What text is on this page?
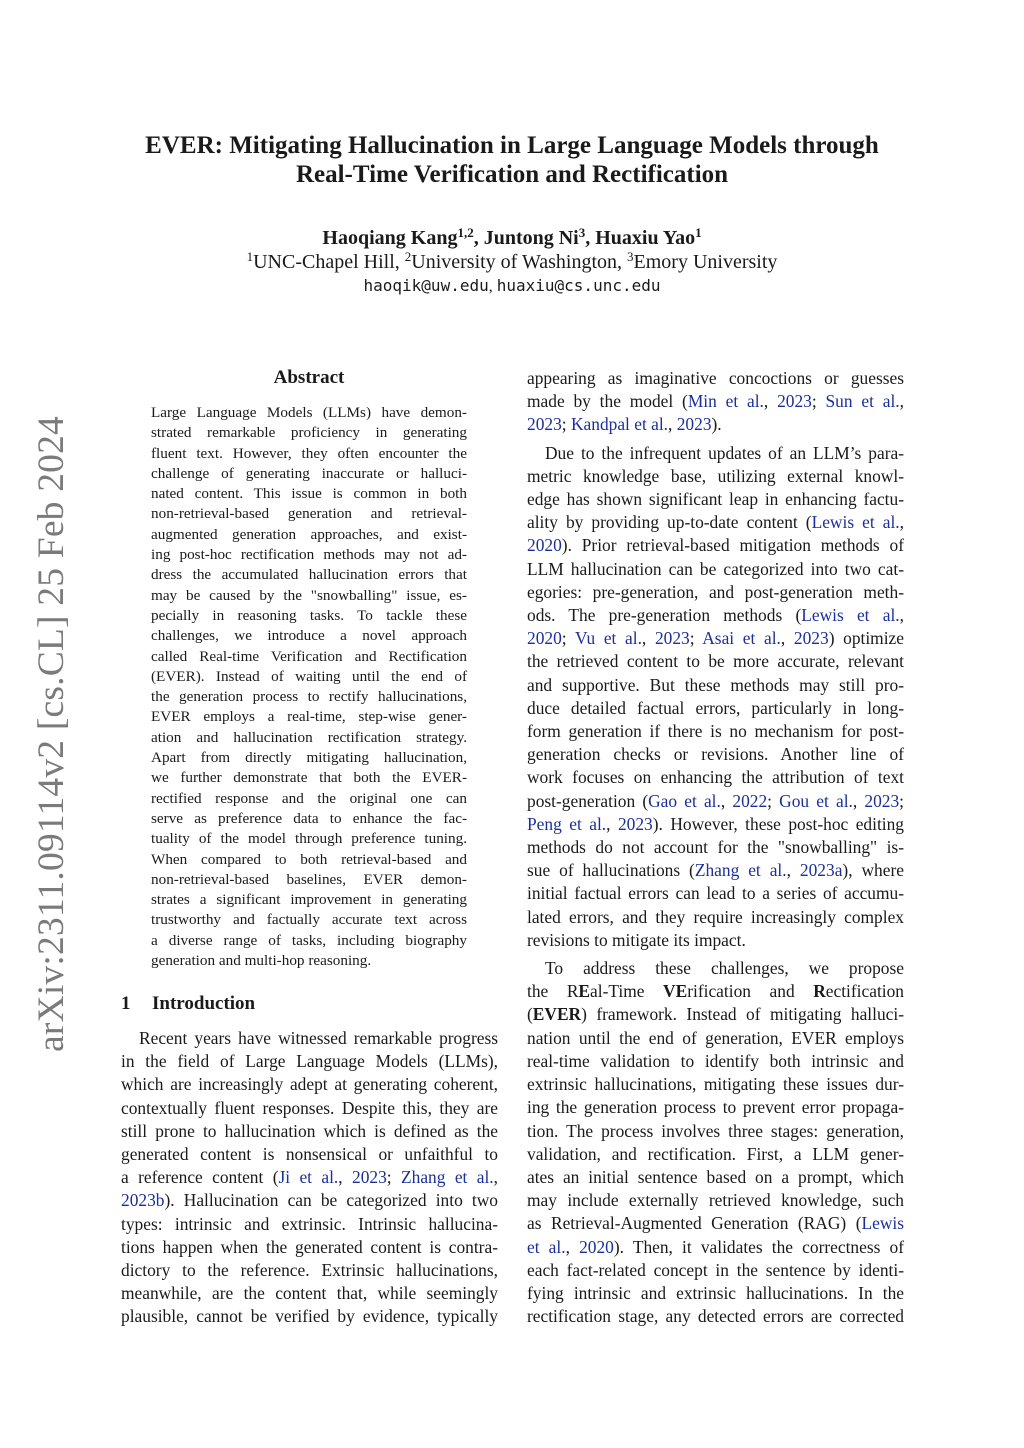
arXiv:2311.09114v2 [cs.CL] 25 Feb 2024
EVER: Mitigating Hallucination in Large Language Models through
Real-Time Verification and Rectification
Haoqiang Kang$^{1,2}$, Juntong Ni$^3$, Huaxiu Yao$^1$
$^1$UNC-Chapel Hill, $^2$University of Washington, $^3$Emory University
haoqik@uw.edu, huaxiu@cs.unc.edu
Abstract
Large Language Models (LLMs) have demon-
strated remarkable proficiency in generating
fluent text. However, they often encounter the
challenge of generating inaccurate or halluci-
nated content. This issue is common in both
non-retrieval-based generation and retrieval-
augmented generation approaches, and exist-
ing post-hoc rectification methods may not ad-
dress the accumulated hallucination errors that
may be caused by the "snowballing" issue, es-
pecially in reasoning tasks. To tackle these
challenges, we introduce a novel approach
called Real-time Verification and Rectification
(EVER). Instead of waiting until the end of
the generation process to rectify hallucinations,
EVER employs a real-time, step-wise gener-
ation and hallucination rectification strategy.
Apart from directly mitigating hallucination,
we further demonstrate that both the EVER-
rectified response and the original one can
serve as preference data to enhance the fac-
tuality of the model through preference tuning.
When compared to both retrieval-based and
non-retrieval-based baselines, EVER demon-
strates a significant improvement in generating
trustworthy and factually accurate text across
a diverse range of tasks, including biography
generation and multi-hop reasoning.
1 Introduction
Recent years have witnessed remarkable progress
in the field of Large Language Models (LLMs),
which are increasingly adept at generating coherent,
contextually fluent responses. Despite this, they are
still prone to hallucination which is defined as the
generated content is nonsensical or unfaithful to
a reference content (Ji et al., 2023; Zhang et al.,
2023b). Hallucination can be categorized into two
types: intrinsic and extrinsic. Intrinsic hallucina-
tions happen when the generated content is contra-
dictory to the reference. Extrinsic hallucinations,
meanwhile, are the content that, while seemingly
plausible, cannot be verified by evidence, typically
appearing as imaginative concoctions or guesses
made by the model (Min et al., 2023; Sun et al.,
2023; Kandpal et al., 2023).
Due to the infrequent updates of an LLM’s para-
metric knowledge base, utilizing external knowl-
edge has shown significant leap in enhancing factu-
ality by providing up-to-date content (Lewis et al.,
2020). Prior retrieval-based mitigation methods of
LLM hallucination can be categorized into two cat-
egories: pre-generation, and post-generation meth-
ods. The pre-generation methods (Lewis et al.,
2020; Vu et al., 2023; Asai et al., 2023) optimize
the retrieved content to be more accurate, relevant
and supportive. But these methods may still pro-
duce detailed factual errors, particularly in long-
form generation if there is no mechanism for post-
generation checks or revisions. Another line of
work focuses on enhancing the attribution of text
post-generation (Gao et al., 2022; Gou et al., 2023;
Peng et al., 2023). However, these post-hoc editing
methods do not account for the "snowballing" is-
sue of hallucinations (Zhang et al., 2023a), where
initial factual errors can lead to a series of accumu-
lated errors, and they require increasingly complex
revisions to mitigate its impact.
To address these challenges, we propose
the REal-Time VErification and Rectification
(EVER) framework. Instead of mitigating halluci-
nation until the end of generation, EVER employs
real-time validation to identify both intrinsic and
extrinsic hallucinations, mitigating these issues dur-
ing the generation process to prevent error propaga-
tion. The process involves three stages: generation,
validation, and rectification. First, a LLM gener-
ates an initial sentence based on a prompt, which
may include externally retrieved knowledge, such
as Retrieval-Augmented Generation (RAG) (Lewis
et al., 2020). Then, it validates the correctness of
each fact-related concept in the sentence by identi-
fying intrinsic and extrinsic hallucinations. In the
rectification stage, any detected errors are corrected
